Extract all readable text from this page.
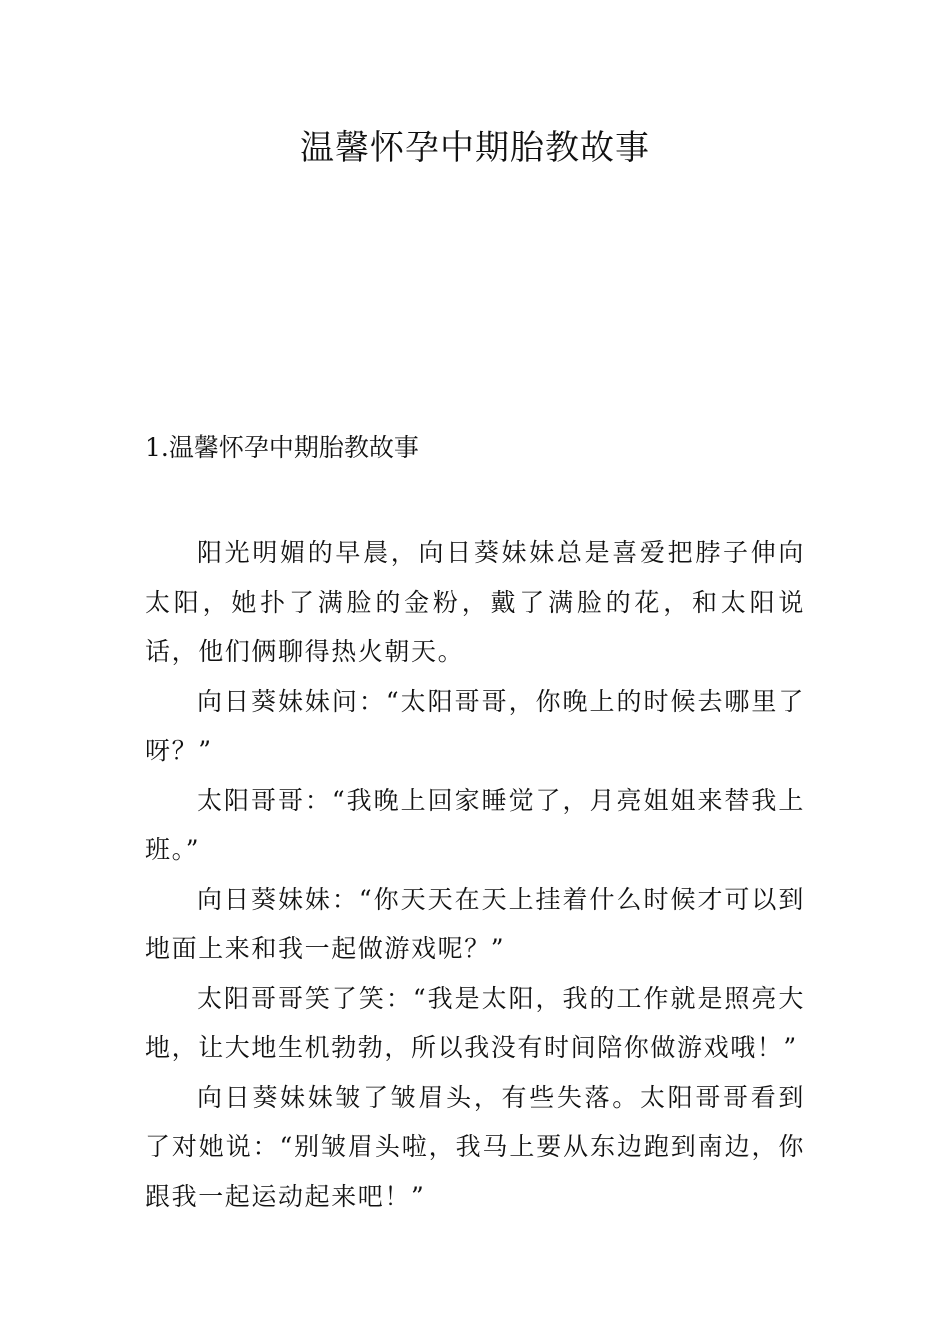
温馨怀孕中期胎教故事
1.温馨怀孕中期胎教故事

阳光明媚的早晨，向日葵妹妹总是喜爱把脖子伸向太阳，她扑了满脸的金粉，戴了满脸的花，和太阳说话，他们俩聊得热火朝天。

向日葵妹妹问：“太阳哥哥，你晚上的时候去哪里了呀？”

太阳哥哥：“我晚上回家睡觉了，月亮姐姐来替我上班。”

向日葵妹妹：“你天天在天上挂着什么时候才可以到地面上来和我一起做游戏呢？”

太阳哥哥笑了笑：“我是太阳，我的工作就是照亮大地，让大地生机勃勃，所以我没有时间陪你做游戏哦！”

向日葵妹妹皱了皱眉头，有些失落。太阳哥哥看到了对她说：“别皱眉头啦，我马上要从东边跑到南边，你跟我一起运动起来吧！”
